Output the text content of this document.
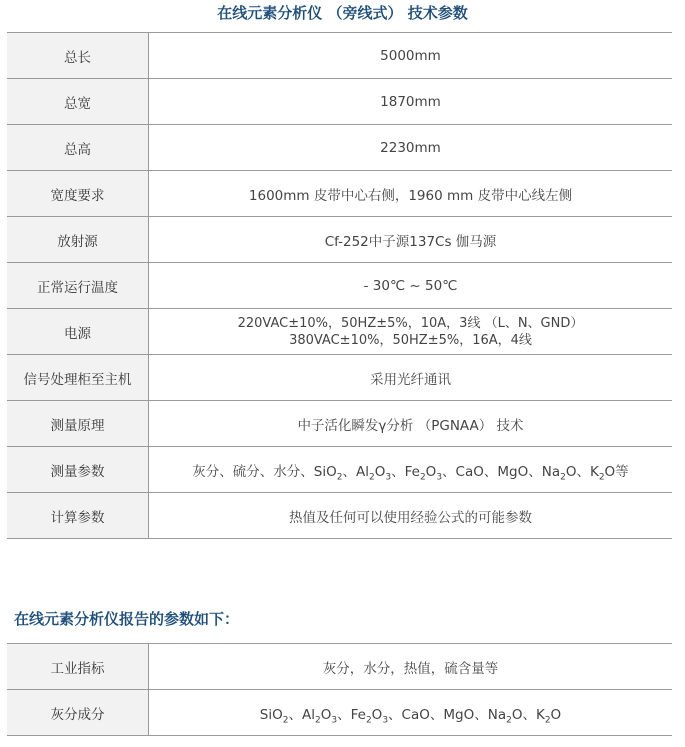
在线元素分析仪 （旁线式） 技术参数
总长	5000mm
总宽	1870mm
总高	2230mm
宽度要求	1600mm 皮带中心右侧，1960 mm 皮带中心线左侧
放射源	Cf-252中子源137Cs 伽马源
正常运行温度	- 30℃ ~ 50℃
电源	220VAC±10%，50HZ±5%，10A，3线 （L、N、GND）
380VAC±10%，50HZ±5%，16A，4线

信号处理柜至主机	采用光纤通讯
测量原理	中子活化瞬发γ分析 （PGNAA） 技术
测量参数	灰分、硫分、水分、SiO$_2$、$Al_2O_3$、$Fe_2O_3$、CaO、MgO、$Na_2O$、$K_2O$等
计算参数	热值及任何可以使用经验公式的可能参数
在线元素分析仪报告的参数如下：
工业指标	灰分，水分，热值，硫含量等
灰分成分	SiO$_2$、$Al_2O_3$、$Fe_2O_3$、CaO、MgO、$Na_2O$、$K_2O$
